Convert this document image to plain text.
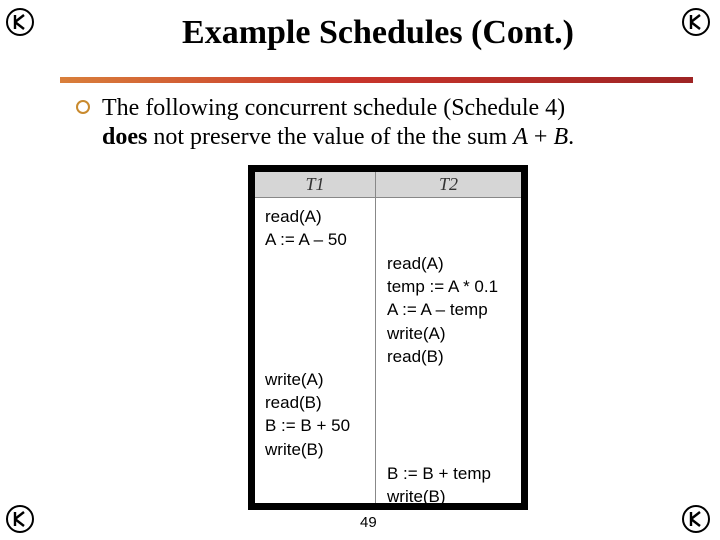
Example Schedules (Cont.)
The following concurrent schedule (Schedule 4)
does not preserve the value of the the sum A + B.
T1	T2
read(A)
A := A – 50
read(A)
temp := A * 0.1
A := A – temp
write(A)
read(B)
write(A)
read(B)
B := B + 50
write(B)
B := B + temp
write(B)
49
